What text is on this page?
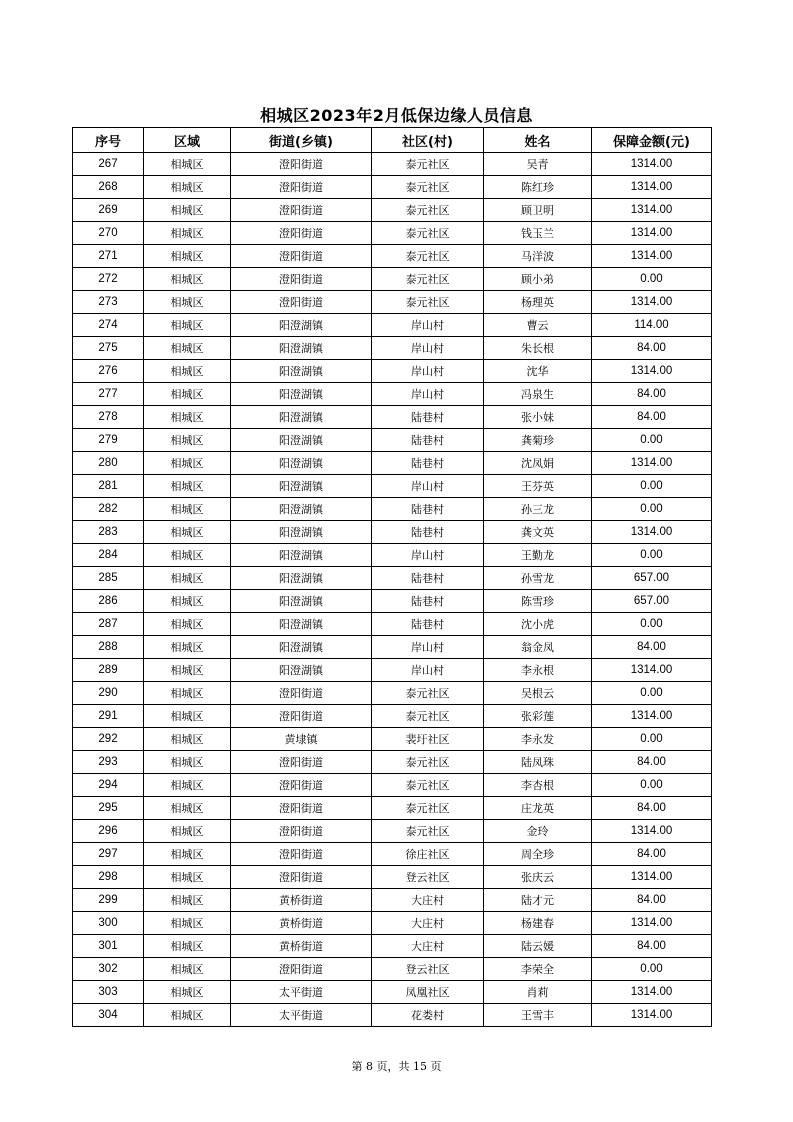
相城区2023年2月低保边缘人员信息
序号	区域	街道(乡镇)	社区(村)	姓名	保障金额(元)
267	相城区	澄阳街道	泰元社区	吴青	1314.00
268	相城区	澄阳街道	泰元社区	陈红珍	1314.00
269	相城区	澄阳街道	泰元社区	顾卫明	1314.00
270	相城区	澄阳街道	泰元社区	钱玉兰	1314.00
271	相城区	澄阳街道	泰元社区	马洋波	1314.00
272	相城区	澄阳街道	泰元社区	顾小弟	0.00
273	相城区	澄阳街道	泰元社区	杨理英	1314.00
274	相城区	阳澄湖镇	岸山村	曹云	114.00
275	相城区	阳澄湖镇	岸山村	朱长根	84.00
276	相城区	阳澄湖镇	岸山村	沈华	1314.00
277	相城区	阳澄湖镇	岸山村	冯泉生	84.00
278	相城区	阳澄湖镇	陆巷村	张小妹	84.00
279	相城区	阳澄湖镇	陆巷村	龚菊珍	0.00
280	相城区	阳澄湖镇	陆巷村	沈凤娟	1314.00
281	相城区	阳澄湖镇	岸山村	王芬英	0.00
282	相城区	阳澄湖镇	陆巷村	孙三龙	0.00
283	相城区	阳澄湖镇	陆巷村	龚文英	1314.00
284	相城区	阳澄湖镇	岸山村	王勤龙	0.00
285	相城区	阳澄湖镇	陆巷村	孙雪龙	657.00
286	相城区	阳澄湖镇	陆巷村	陈雪珍	657.00
287	相城区	阳澄湖镇	陆巷村	沈小虎	0.00
288	相城区	阳澄湖镇	岸山村	翁金凤	84.00
289	相城区	阳澄湖镇	岸山村	李永根	1314.00
290	相城区	澄阳街道	泰元社区	吴根云	0.00
291	相城区	澄阳街道	泰元社区	张彩莲	1314.00
292	相城区	黄埭镇	裴圩社区	李永发	0.00
293	相城区	澄阳街道	泰元社区	陆凤珠	84.00
294	相城区	澄阳街道	泰元社区	李杏根	0.00
295	相城区	澄阳街道	泰元社区	庄龙英	84.00
296	相城区	澄阳街道	泰元社区	金玲	1314.00
297	相城区	澄阳街道	徐庄社区	周全珍	84.00
298	相城区	澄阳街道	登云社区	张庆云	1314.00
299	相城区	黄桥街道	大庄村	陆才元	84.00
300	相城区	黄桥街道	大庄村	杨建春	1314.00
301	相城区	黄桥街道	大庄村	陆云媛	84.00
302	相城区	澄阳街道	登云社区	李荣全	0.00
303	相城区	太平街道	凤凰社区	肖莉	1314.00
304	相城区	太平街道	花娄村	王雪丰	1314.00
第 8 页，共 15 页
